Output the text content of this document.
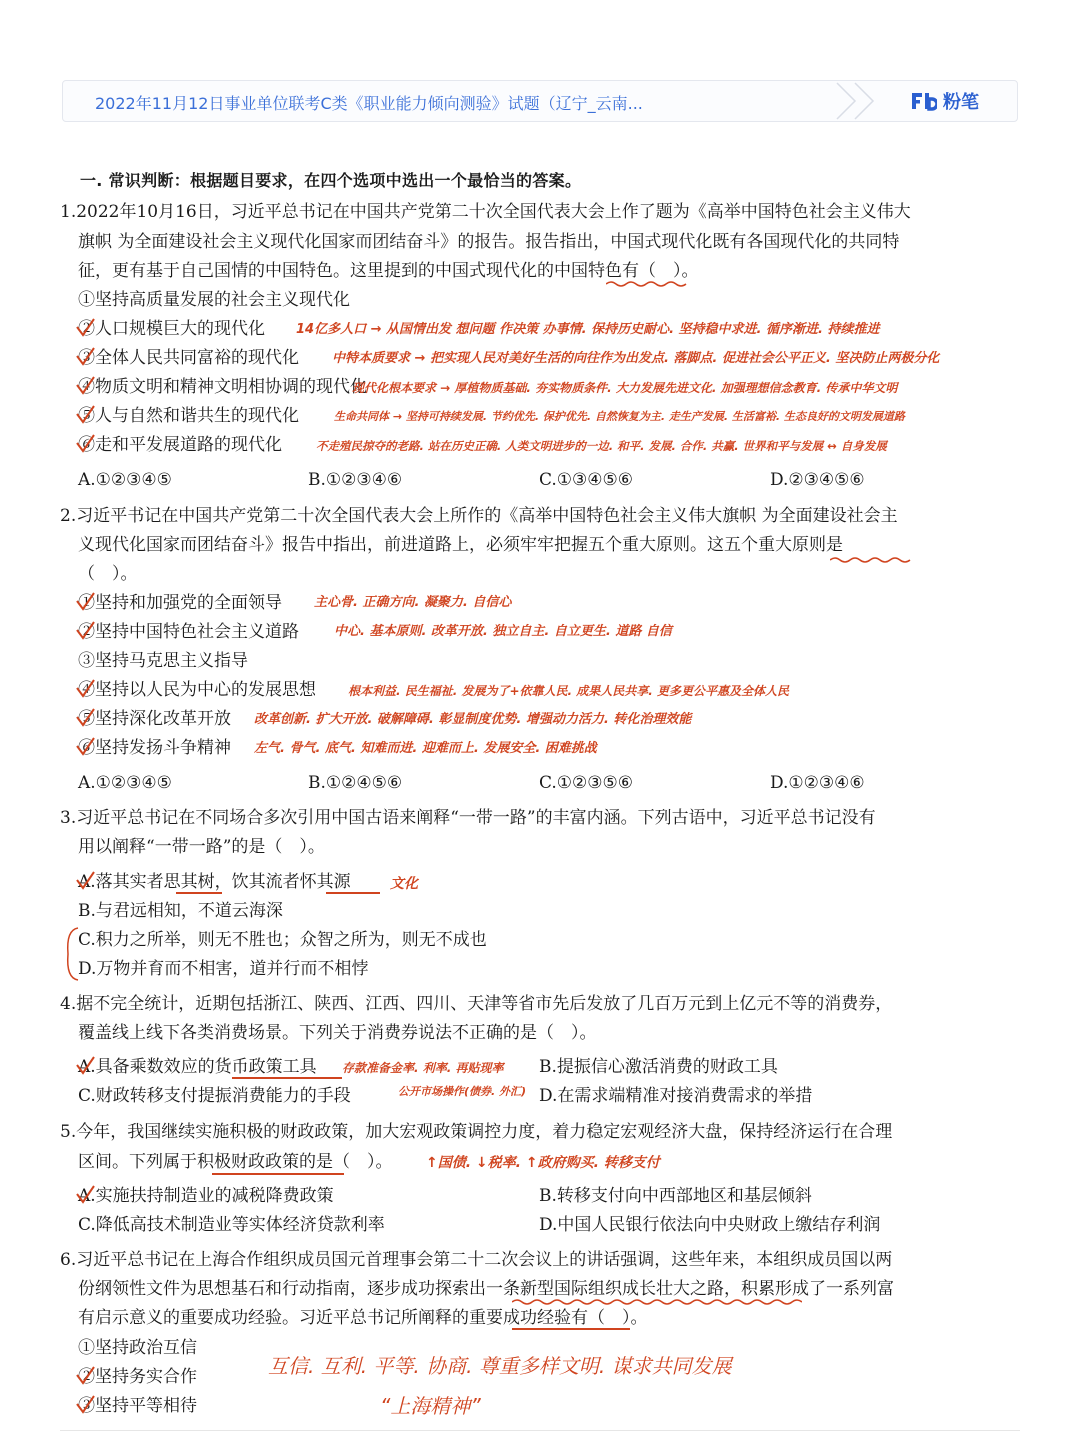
2022年11月12日事业单位联考C类《职业能力倾向测验》试题（辽宁_云南...	粉笔
一. 常识判断：根据题目要求，在四个选项中选出一个最恰当的答案。
1.2022年10月16日，习近平总书记在中国共产党第二十次全国代表大会上作了题为《高举中国特色社会主义伟大
旗帜 为全面建设社会主义现代化国家而团结奋斗》的报告。报告指出，中国式现代化既有各国现代化的共同特
征，更有基于自己国情的中国特色。这里提到的中国式现代化的中国特色有（　）。
①坚持高质量发展的社会主义现代化
②人口规模巨大的现代化
③全体人民共同富裕的现代化
④物质文明和精神文明相协调的现代化
⑤人与自然和谐共生的现代化
⑥走和平发展道路的现代化
14亿多人口 → 从国情出发 想问题 作决策 办事情. 保持历史耐心. 坚持稳中求进. 循序渐进. 持续推进
中特本质要求 → 把实现人民对美好生活的向往作为出发点. 落脚点. 促进社会公平正义. 坚决防止两极分化
现代化根本要求 → 厚植物质基础. 夯实物质条件. 大力发展先进文化. 加强理想信念教育. 传承中华文明
生命共同体 → 坚持可持续发展. 节约优先. 保护优先. 自然恢复为主. 走生产发展. 生活富裕. 生态良好的文明发展道路
不走殖民掠夺的老路. 站在历史正确. 人类文明进步的一边. 和平. 发展. 合作. 共赢. 世界和平与发展 ↔ 自身发展
A.①②③④⑤	B.①②③④⑥	C.①③④⑤⑥	D.②③④⑤⑥
2.习近平书记在中国共产党第二十次全国代表大会上所作的《高举中国特色社会主义伟大旗帜 为全面建设社会主
义现代化国家而团结奋斗》报告中指出，前进道路上，必须牢牢把握五个重大原则。这五个重大原则是
（　）。
①坚持和加强党的全面领导
②坚持中国特色社会主义道路
③坚持马克思主义指导
④坚持以人民为中心的发展思想
⑤坚持深化改革开放
⑥坚持发扬斗争精神
主心骨. 正确方向. 凝聚力. 自信心
中心. 基本原则. 改革开放. 独立自主. 自立更生. 道路 自信
根本利益. 民生福祉. 发展为了+依靠人民. 成果人民共享. 更多更公平惠及全体人民
改革创新. 扩大开放. 破解障碍. 彰显制度优势. 增强动力活力. 转化治理效能
左气. 骨气. 底气. 知难而进. 迎难而上. 发展安全. 困难挑战
A.①②③④⑤	B.①②④⑤⑥	C.①②③⑤⑥	D.①②③④⑥
3.习近平总书记在不同场合多次引用中国古语来阐释“一带一路”的丰富内涵。下列古语中，习近平总书记没有
用以阐释“一带一路”的是（　）。
A.落其实者思其树，饮其流者怀其源	文化
B.与君远相知，不道云海深
C.积力之所举，则无不胜也；众智之所为，则无不成也
D.万物并育而不相害，道并行而不相悖
4.据不完全统计，近期包括浙江、陕西、江西、四川、天津等省市先后发放了几百万元到上亿元不等的消费券，
覆盖线上线下各类消费场景。下列关于消费券说法不正确的是（　）。
A.具备乘数效应的货币政策工具 存款准备金率. 利率. 再贴现率 B.提振信心激活消费的财政工具
C.财政转移支付提振消费能力的手段	公开市场操作(债券. 外汇) D.在需求端精准对接消费需求的举措
5.今年，我国继续实施积极的财政政策，加大宏观政策调控力度，着力稳定宏观经济大盘，保持经济运行在合理
区间。下列属于积极财政政策的是（　）。 ↑国债. ↓税率. ↑政府购买. 转移支付
A.实施扶持制造业的减税降费政策	B.转移支付向中西部地区和基层倾斜
C.降低高技术制造业等实体经济贷款利率	D.中国人民银行依法向中央财政上缴结存利润
6.习近平总书记在上海合作组织成员国元首理事会第二十二次会议上的讲话强调，这些年来，本组织成员国以两
份纲领性文件为思想基石和行动指南，逐步成功探索出一条新型国际组织成长壮大之路，积累形成了一系列富
有启示意义的重要成功经验。习近平总书记所阐释的重要成功经验有（　）。
①坚持政治互信
②坚持务实合作
③坚持平等相待
互信. 互利. 平等. 协商. 尊重多样文明. 谋求共同发展
“上海精神”
